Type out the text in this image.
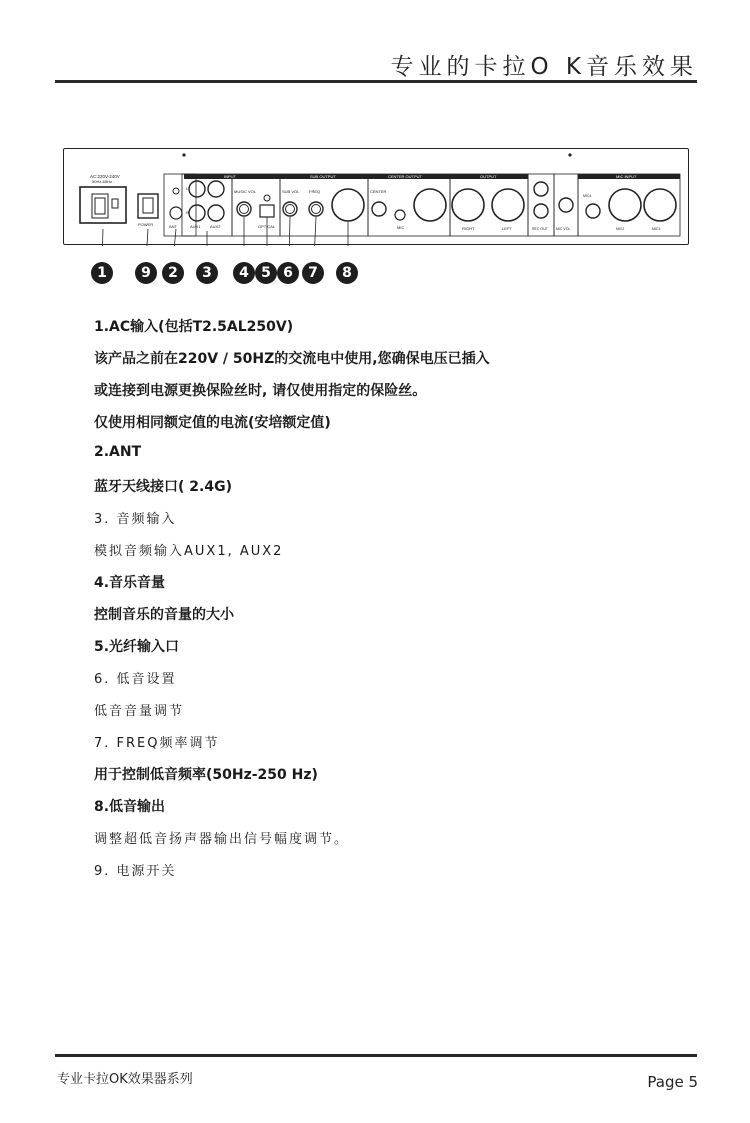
专业的卡拉O K音乐效果
AC:220V-240V
50Hz-60Hz
POWER	ANT
INPUT
L
R
AUX1 AUX2
MUSIC VOL
OPTICAL
SUB OUTPUT
SUB VOL FREQ
CENTER OUTPUT
CENTER
MIC
OUTPUT
RIGHT	LEFT	REC OUT MIC VOL
MIC INPUT
MIC4
MIC2	MIC3
1	9	2	3	4 5 6	7	8
1.AC输入(包括T2.5AL250V)
该产品之前在220V / 50HZ的交流电中使用,您确保电压已插入
或连接到电源更换保险丝时, 请仅使用指定的保险丝。
仅使用相同额定值的电流(安培额定值)
2.ANT
蓝牙天线接口( 2.4G)
3. 音频输入
模拟音频输入AUX1, AUX2
4.音乐音量
控制音乐的音量的大小
5.光纤输入口
6. 低音设置
低音音量调节
7. FREQ频率调节
用于控制低音频率(50Hz-250 Hz)
8.低音输出
调整超低音扬声器输出信号幅度调节。
9. 电源开关
专业卡拉OK效果器系列	Page 5
